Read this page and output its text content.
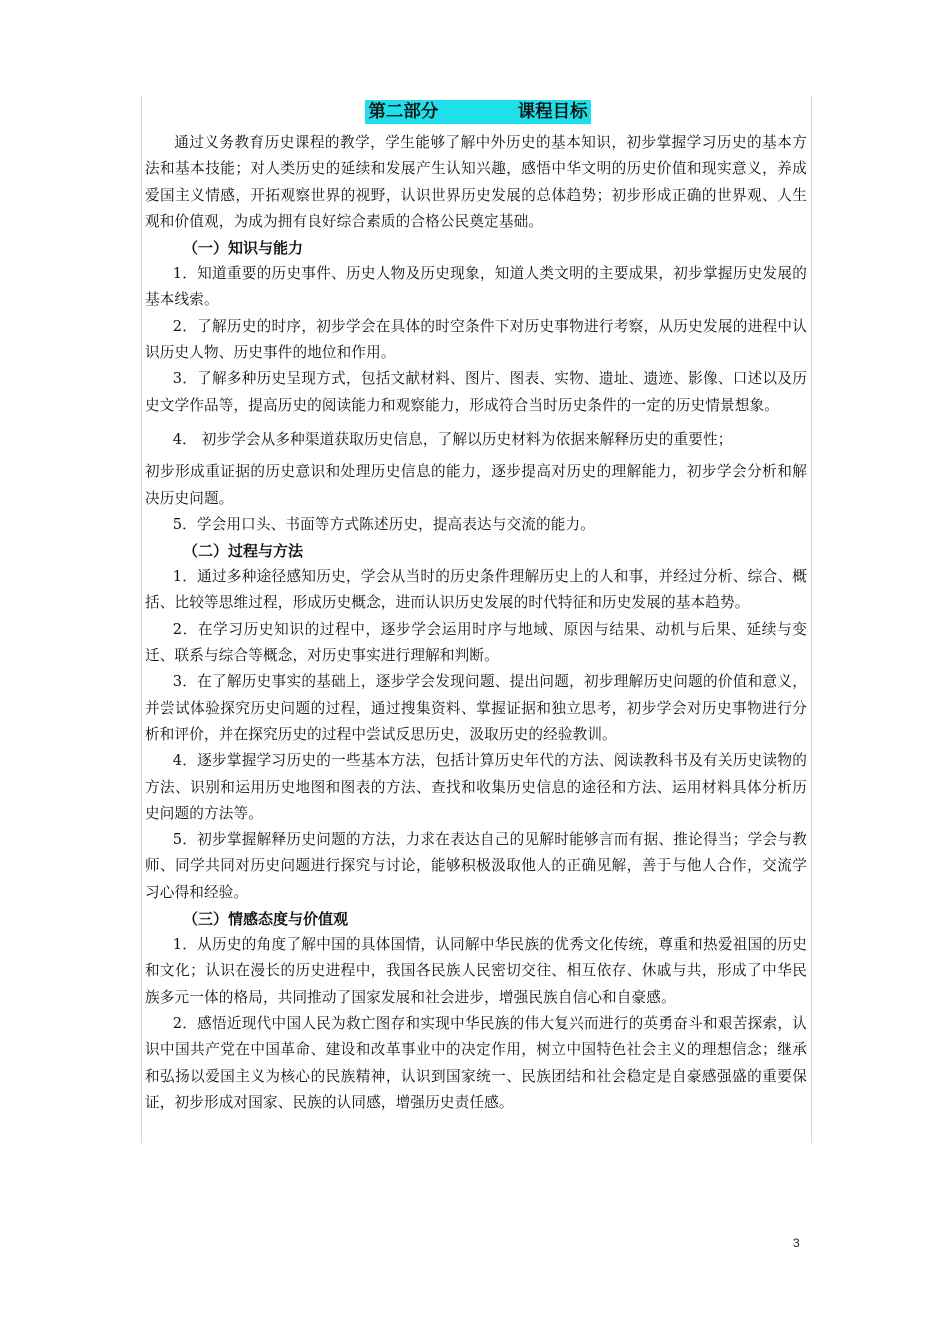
第二部分             课程目标

通过义务教育历史课程的教学，学生能够了解中外历史的基本知识，初步掌握学习历史的基本方法和基本技能；对人类历史的延续和发展产生认知兴趣，感悟中华文明的历史价值和现实意义，养成爱国主义情感，开拓观察世界的视野，认识世界历史发展的总体趋势；初步形成正确的世界观、人生观和价值观，为成为拥有良好综合素质的合格公民奠定基础。

（一）知识与能力

1．知道重要的历史事件、历史人物及历史现象，知道人类文明的主要成果，初步掌握历史发展的基本线索。

2．了解历史的时序，初步学会在具体的时空条件下对历史事物进行考察，从历史发展的进程中认识历史人物、历史事件的地位和作用。

3．了解多种历史呈现方式，包括文献材料、图片、图表、实物、遗址、遗迹、影像、口述以及历史文学作品等，提高历史的阅读能力和观察能力，形成符合当时历史条件的一定的历史情景想象。

4． 初步学会从多种渠道获取历史信息，了解以历史材料为依据来解释历史的重要性；

初步形成重证据的历史意识和处理历史信息的能力，逐步提高对历史的理解能力，初步学会分析和解决历史问题。

5．学会用口头、书面等方式陈述历史，提高表达与交流的能力。

（二）过程与方法

1．通过多种途径感知历史，学会从当时的历史条件理解历史上的人和事，并经过分析、综合、概括、比较等思维过程，形成历史概念，进而认识历史发展的时代特征和历史发展的基本趋势。

2．在学习历史知识的过程中，逐步学会运用时序与地域、原因与结果、动机与后果、延续与变迁、联系与综合等概念，对历史事实进行理解和判断。

3．在了解历史事实的基础上，逐步学会发现问题、提出问题，初步理解历史问题的价值和意义，并尝试体验探究历史问题的过程，通过搜集资料、掌握证据和独立思考，初步学会对历史事物进行分析和评价，并在探究历史的过程中尝试反思历史，汲取历史的经验教训。

4．逐步掌握学习历史的一些基本方法，包括计算历史年代的方法、阅读教科书及有关历史读物的方法、识别和运用历史地图和图表的方法、查找和收集历史信息的途径和方法、运用材料具体分析历史问题的方法等。

5．初步掌握解释历史问题的方法，力求在表达自己的见解时能够言而有据、推论得当；学会与教师、同学共同对历史问题进行探究与讨论，能够积极汲取他人的正确见解，善于与他人合作，交流学习心得和经验。

（三）情感态度与价值观

1．从历史的角度了解中国的具体国情，认同解中华民族的优秀文化传统，尊重和热爱祖国的历史和文化；认识在漫长的历史进程中，我国各民族人民密切交往、相互依存、休戚与共，形成了中华民族多元一体的格局，共同推动了国家发展和社会进步，增强民族自信心和自豪感。

2．感悟近现代中国人民为救亡图存和实现中华民族的伟大复兴而进行的英勇奋斗和艰苦探索，认识中国共产党在中国革命、建设和改革事业中的决定作用，树立中国特色社会主义的理想信念；继承和弘扬以爱国主义为核心的民族精神，认识到国家统一、民族团结和社会稳定是自豪感强盛的重要保证，初步形成对国家、民族的认同感，增强历史责任感。

3
